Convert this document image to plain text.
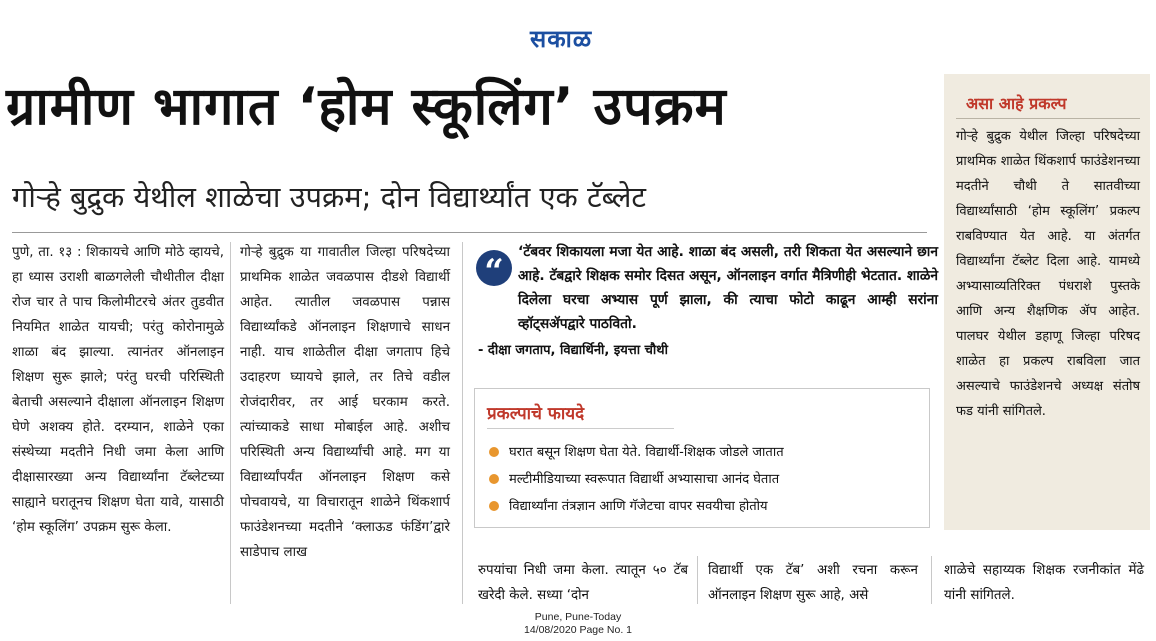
सकाळ
ग्रामीण भागात ‘होम स्कूलिंग’ उपक्रम
गोऱ्हे बुद्रुक येथील शाळेचा उपक्रम; दोन विद्यार्थ्यांत एक टॅब्लेट

पुणे, ता. १३ : शिकायचे आणि मोठे व्हायचे, हा ध्यास उराशी बाळगलेली चौथीतील दीक्षा रोज चार ते पाच किलोमीटरचे अंतर तुडवीत नियमित शाळेत यायची; परंतु कोरोनामुळे शाळा बंद झाल्या. त्यानंतर ऑनलाइन शिक्षण सुरू झाले; परंतु घरची परिस्थिती बेताची असल्याने दीक्षाला ऑनलाइन शिक्षण घेणे अशक्य होते. दरम्यान, शाळेने एका संस्थेच्या मदतीने निधी जमा केला आणि दीक्षासारख्या अन्य विद्यार्थ्यांना टॅब्लेटच्या साह्याने घरातूनच शिक्षण घेता यावे, यासाठी ‘होम स्कूलिंग’ उपक्रम सुरू केला.

गोऱ्हे बुद्रुक या गावातील जिल्हा परिषदेच्या प्राथमिक शाळेत जवळपास दीडशे विद्यार्थी आहेत. त्यातील जवळपास पन्नास विद्यार्थ्यांकडे ऑनलाइन शिक्षणाचे साधन नाही. याच शाळेतील दीक्षा जगताप हिचे उदाहरण घ्यायचे झाले, तर तिचे वडील रोजंदारीवर, तर आई घरकाम करते. त्यांच्याकडे साधा मोबाईल आहे. अशीच परिस्थिती अन्य विद्यार्थ्यांची आहे. मग या विद्यार्थ्यांपर्यंत ऑनलाइन शिक्षण कसे पोचवायचे, या विचारातून शाळेने थिंकशार्प फाउंडेशनच्या मदतीने ‘क्लाऊड फंडिंग’द्वारे साडेपाच लाख

“	‘टॅबवर शिकायला मजा येत आहे. शाळा बंद असली, तरी शिकता येत असल्याने छान आहे. टॅबद्वारे शिक्षक समोर दिसत असून, ऑनलाइन वर्गात मैत्रिणीही भेटतात. शाळेने दिलेला घरचा अभ्यास पूर्ण झाला, की त्याचा फोटो काढून आम्ही सरांना व्हॉट्सॲपद्वारे पाठवितो.
- दीक्षा जगताप, विद्यार्थिनी, इयत्ता चौथी
प्रकल्पाचे फायदे
घरात बसून शिक्षण घेता येते. विद्यार्थी-शिक्षक जोडले जातात
मल्टीमीडियाच्या स्वरूपात विद्यार्थी अभ्यासाचा आनंद घेतात
विद्यार्थ्यांना तंत्रज्ञान आणि गॅजेटचा वापर सवयीचा होतोय
असा आहे प्रकल्प
गोऱ्हे बुद्रुक येथील जिल्हा परिषदेच्या प्राथमिक शाळेत थिंकशार्प फाउंडेशनच्या मदतीने चौथी ते सातवीच्या विद्यार्थ्यांसाठी ‘होम स्कूलिंग’ प्रकल्प राबविण्यात येत आहे. या अंतर्गत विद्यार्थ्यांना टॅब्लेट दिला आहे. यामध्ये अभ्यासाव्यतिरिक्त पंधराशे पुस्तके आणि अन्य शैक्षणिक ॲप आहेत. पालघर येथील डहाणू जिल्हा परिषद शाळेत हा प्रकल्प राबविला जात असल्याचे फाउंडेशनचे अध्यक्ष संतोष फड यांनी सांगितले.
रुपयांचा निधी जमा केला. त्यातून ५० टॅब खरेदी केले. सध्या ‘दोन
विद्यार्थी एक टॅब’ अशी रचना करून ऑनलाइन शिक्षण सुरू आहे, असे
शाळेचे सहाय्यक शिक्षक रजनीकांत मेंढे यांनी सांगितले.
Pune, Pune-Today
14/08/2020 Page No. 1
